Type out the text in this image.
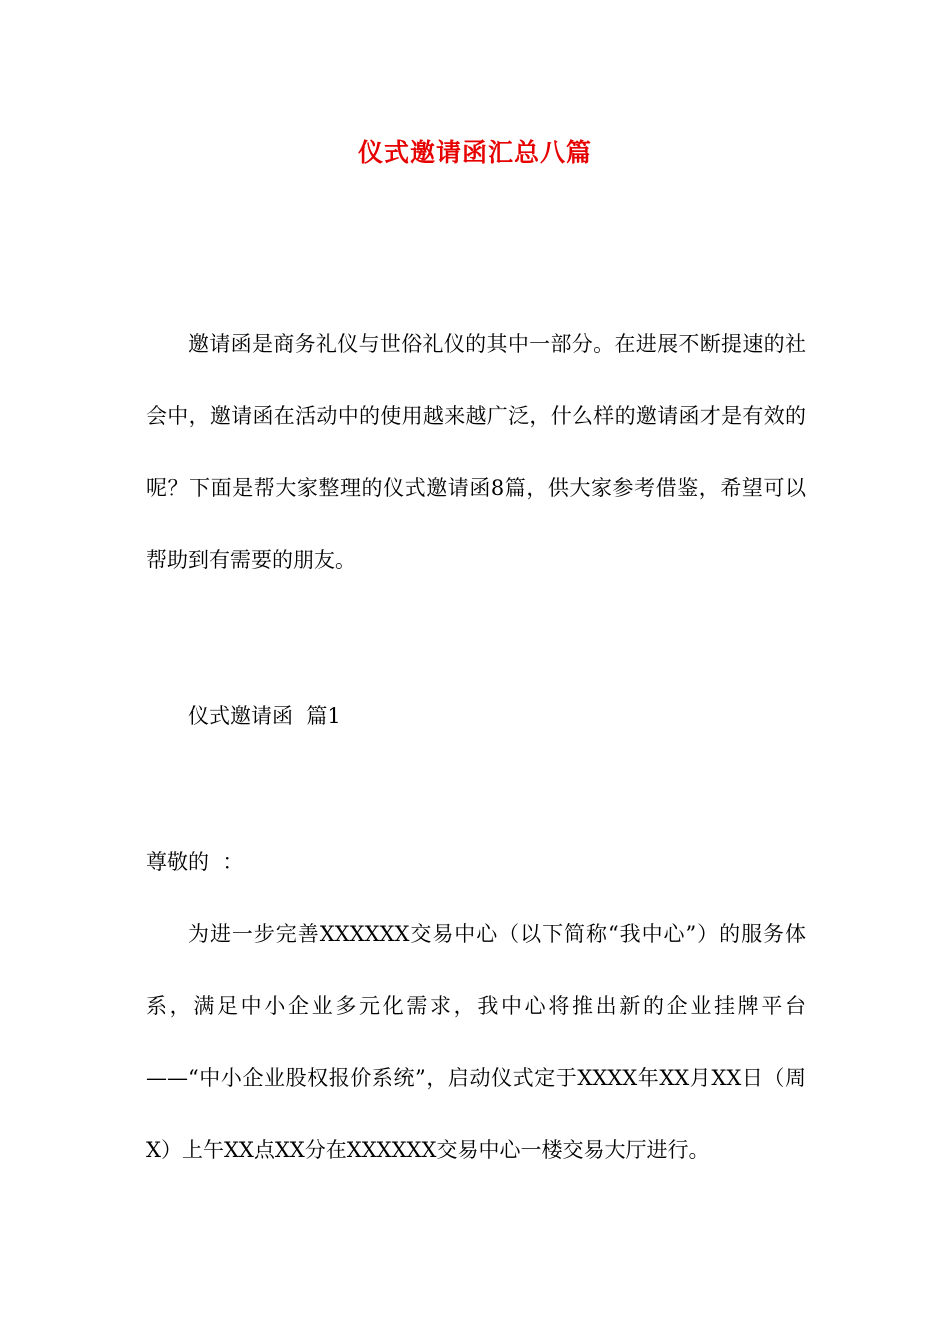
仪式邀请函汇总八篇

邀请函是商务礼仪与世俗礼仪的其中一部分。在进展不断提速的社会中，邀请函在活动中的使用越来越广泛，什么样的邀请函才是有效的呢？下面是帮大家整理的仪式邀请函8篇，供大家参考借鉴，希望可以帮助到有需要的朋友。

仪式邀请函  篇1
尊敬的  ：

为进一步完善XXXXXX交易中心（以下简称“我中心”）的服务体系，满足中小企业多元化需求，我中心将推出新的企业挂牌平台——“中小企业股权报价系统”，启动仪式定于XXXX年XX月XX日（周X）上午XX点XX分在XXXXXX交易中心一楼交易大厅进行。
